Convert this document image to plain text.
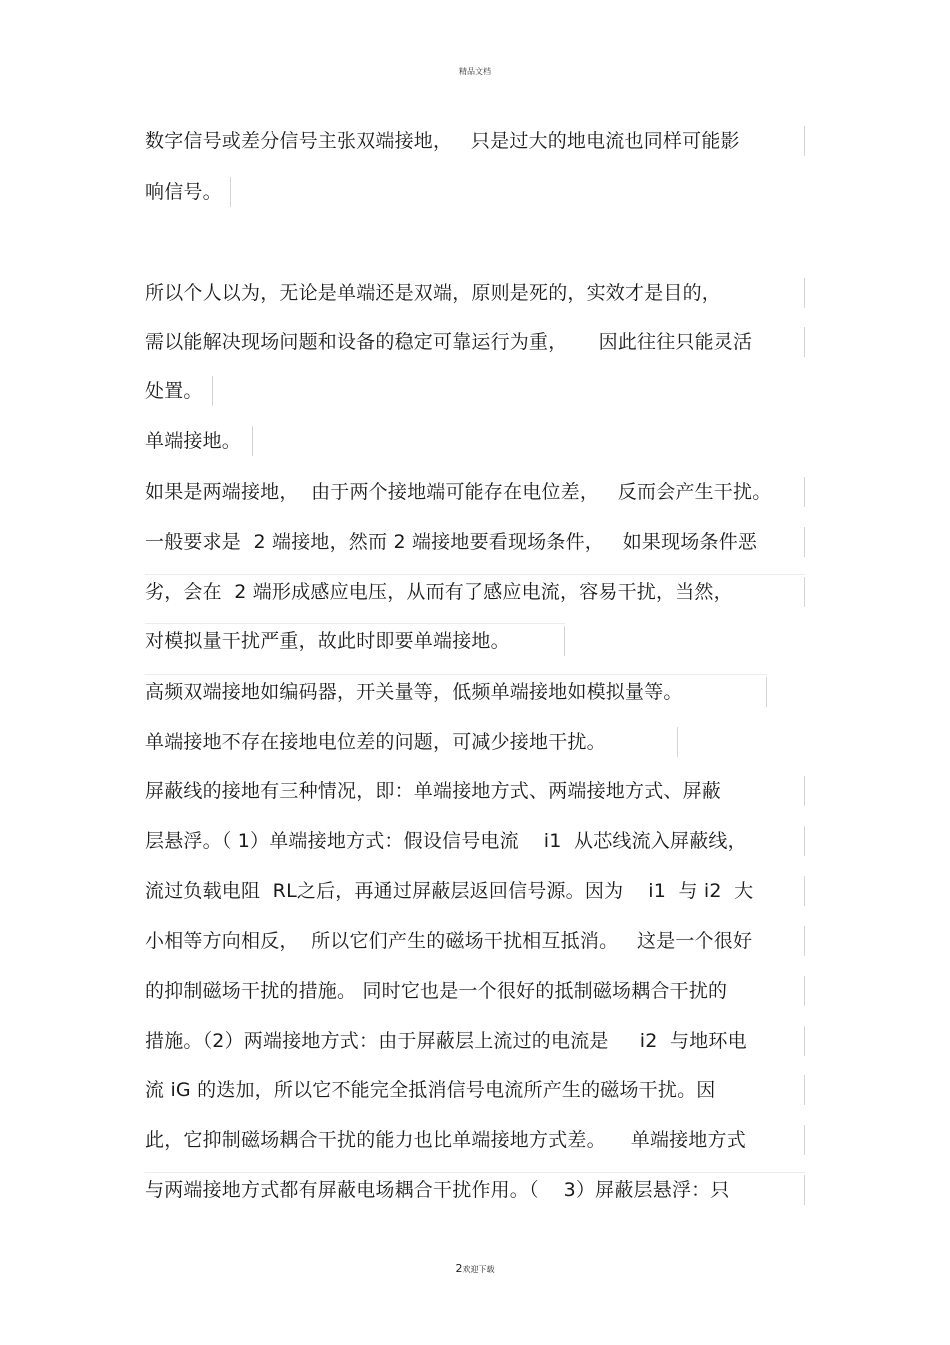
精品文档
数字信号或差分信号主张双端接地，   只是过大的地电流也同样可能影
响信号。
所以个人以为，无论是单端还是双端，原则是死的，实效才是目的，
需以能解决现场问题和设备的稳定可靠运行为重，     因此往往只能灵活
处置。
单端接地。
如果是两端接地，  由于两个接地端可能存在电位差，   反而会产生干扰。
一般要求是  2 端接地，然而 2 端接地要看现场条件，   如果现场条件恶
劣，会在  2 端形成感应电压，从而有了感应电流，容易干扰，当然，
对模拟量干扰严重，故此时即要单端接地。
高频双端接地如编码器，开关量等，低频单端接地如模拟量等。
单端接地不存在接地电位差的问题，可减少接地干扰。
屏蔽线的接地有三种情况，即：单端接地方式、两端接地方式、屏蔽
层悬浮。（ 1）单端接地方式：假设信号电流    i1  从芯线流入屏蔽线，
流过负载电阻  RL之后，再通过屏蔽层返回信号源。因为    i1  与 i2  大
小相等方向相反，  所以它们产生的磁场干扰相互抵消。   这是一个很好
的抑制磁场干扰的措施。 同时它也是一个很好的抵制磁场耦合干扰的
措施。（2）两端接地方式：由于屏蔽层上流过的电流是     i2  与地环电
流 iG 的迭加，所以它不能完全抵消信号电流所产生的磁场干扰。因
此，它抑制磁场耦合干扰的能力也比单端接地方式差。    单端接地方式
与两端接地方式都有屏蔽电场耦合干扰作用。（    3）屏蔽层悬浮：只
2欢迎下载
